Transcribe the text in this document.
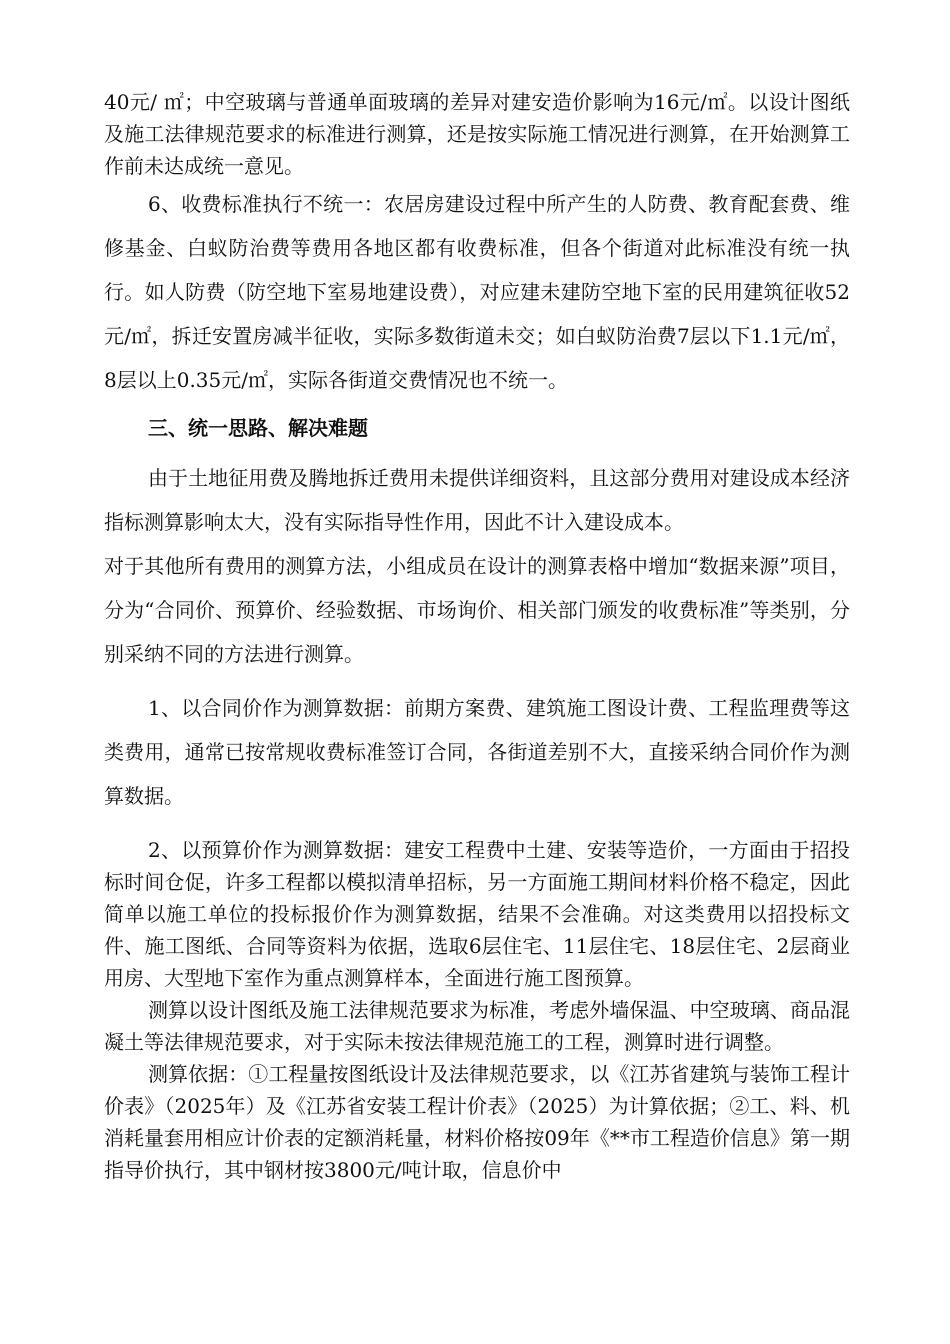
40元/ ㎡；中空玻璃与普通单面玻璃的差异对建安造价影响为16元/㎡。以设计图纸及施工法律规范要求的标准进行测算，还是按实际施工情况进行测算，在开始测算工作前未达成统一意见。

6、收费标准执行不统一：农居房建设过程中所产生的人防费、教育配套费、维修基金、白蚁防治费等费用各地区都有收费标准，但各个街道对此标准没有统一执行。如人防费（防空地下室易地建设费），对应建未建防空地下室的民用建筑征收52元/㎡，拆迁安置房减半征收，实际多数街道未交；如白蚁防治费7层以下1.1元/㎡，8层以上0.35元/㎡，实际各街道交费情况也不统一。

三、统一思路、解决难题

由于土地征用费及腾地拆迁费用未提供详细资料，且这部分费用对建设成本经济指标测算影响太大，没有实际指导性作用，因此不计入建设成本。

对于其他所有费用的测算方法，小组成员在设计的测算表格中增加“数据来源”项目，分为“合同价、预算价、经验数据、市场询价、相关部门颁发的收费标准”等类别，分别采纳不同的方法进行测算。

1、以合同价作为测算数据：前期方案费、建筑施工图设计费、工程监理费等这类费用，通常已按常规收费标准签订合同，各街道差别不大，直接采纳合同价作为测算数据。

2、以预算价作为测算数据：建安工程费中土建、安装等造价，一方面由于招投标时间仓促，许多工程都以模拟清单招标，另一方面施工期间材料价格不稳定，因此简单以施工单位的投标报价作为测算数据，结果不会准确。对这类费用以招投标文件、施工图纸、合同等资料为依据，选取6层住宅、11层住宅、18层住宅、2层商业用房、大型地下室作为重点测算样本，全面进行施工图预算。

测算以设计图纸及施工法律规范要求为标准，考虑外墙保温、中空玻璃、商品混凝土等法律规范要求，对于实际未按法律规范施工的工程，测算时进行调整。

测算依据：①工程量按图纸设计及法律规范要求，以《江苏省建筑与装饰工程计价表》（2025年）及《江苏省安装工程计价表》（2025）为计算依据；②工、料、机消耗量套用相应计价表的定额消耗量，材料价格按09年《**市工程造价信息》第一期指导价执行，其中钢材按3800元/吨计取，信息价中
